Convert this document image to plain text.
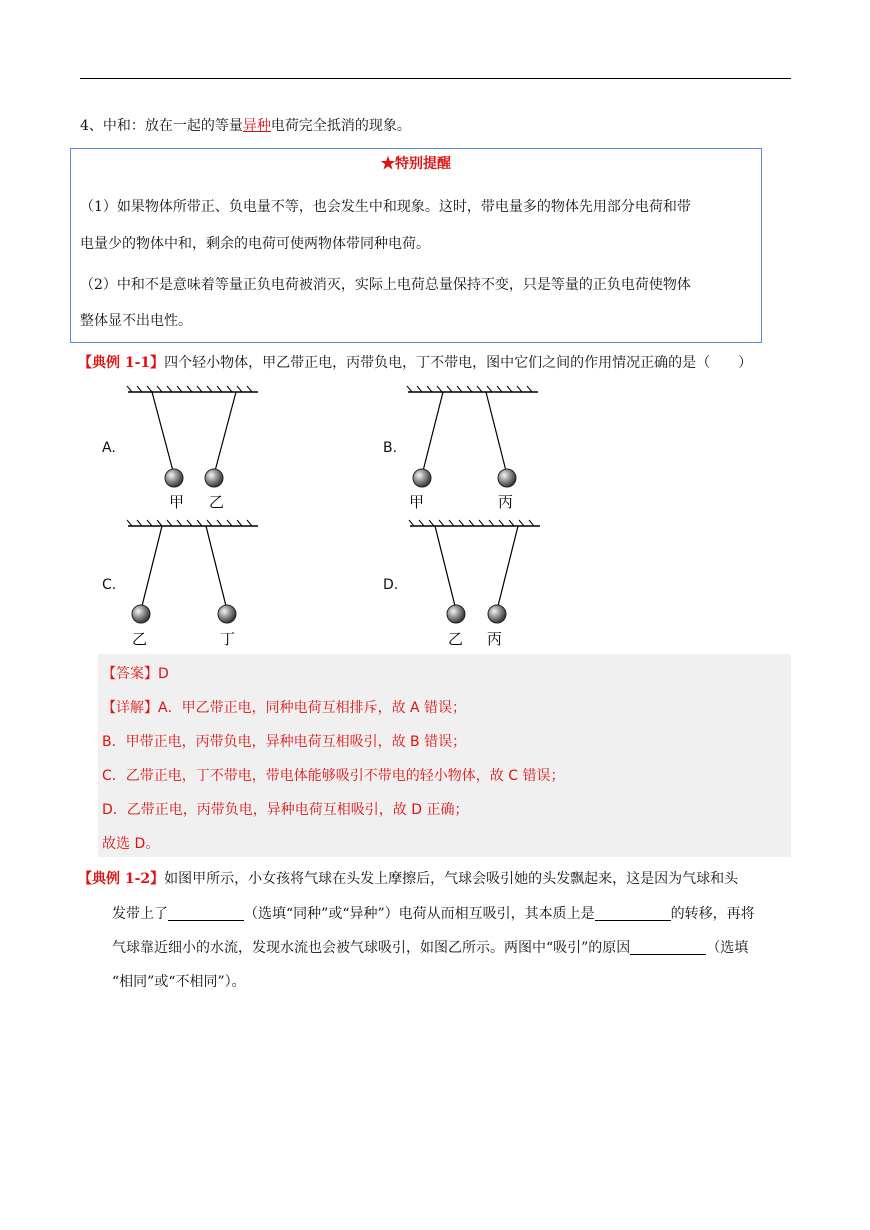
4、中和：放在一起的等量异种电荷完全抵消的现象。
★特别提醒
（1）如果物体所带正、负电量不等，也会发生中和现象。这时，带电量多的物体先用部分电荷和带
电量少的物体中和，剩余的电荷可使两物体带同种电荷。
（2）中和不是意味着等量正负电荷被消灭，实际上电荷总量保持不变，只是等量的正负电荷使物体
整体显不出电性。
【典例 1-1】四个轻小物体，甲乙带正电，丙带负电，丁不带电，图中它们之间的作用情况正确的是（　　）
A.
甲 乙
B.
甲	丙
C.
乙	丁
D.
乙 丙
【答案】D
【详解】A．甲乙带正电，同种电荷互相排斥，故 A 错误；
B．甲带正电，丙带负电，异种电荷互相吸引，故 B 错误；
C．乙带正电，丁不带电，带电体能够吸引不带电的轻小物体，故 C 错误；
D．乙带正电，丙带负电，异种电荷互相吸引，故 D 正确；
故选 D。
【典例 1-2】如图甲所示，小女孩将气球在头发上摩擦后，气球会吸引她的头发飘起来，这是因为气球和头
发带上了	（选填“同种”或“异种”）电荷从而相互吸引，其本质上是	的转移，再将
气球靠近细小的水流，发现水流也会被气球吸引，如图乙所示。两图中“吸引”的原因	（选填
“相同”或“不相同”）。
